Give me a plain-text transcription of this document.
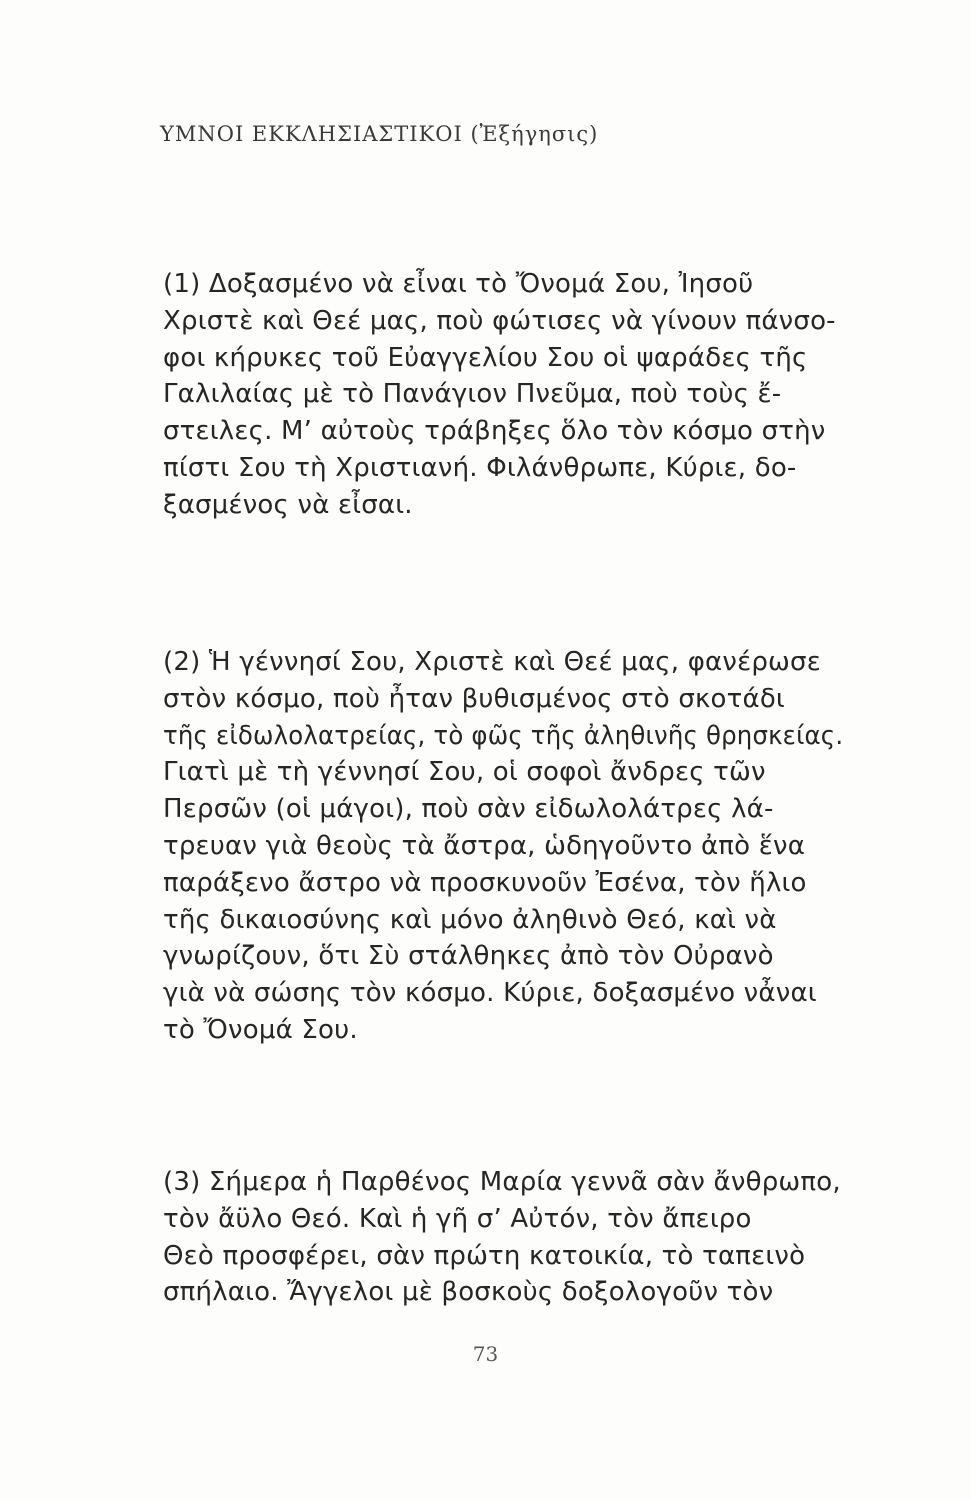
ΥΜΝΟΙ ΕΚΚΛΗΣΙΑΣΤΙΚΟΙ (Ἐξήγησις)
(1) Δοξασμένο νὰ εἶναι τὸ Ὄνομά Σου, Ἰησοῦ
Χριστὲ καὶ Θεέ μας, ποὺ φώτισες νὰ γίνουν πάνσο-
φοι κήρυκες τοῦ Εὐαγγελίου Σου οἱ ψαράδες τῆς
Γαλιλαίας μὲ τὸ Πανάγιον Πνεῦμα, ποὺ τοὺς ἔ-
στειλες. Μ’ αὐτοὺς τράβηξες ὅλο τὸν κόσμο στὴν
πίστι Σου τὴ Χριστιανή. Φιλάνθρωπε, Κύριε, δο-
ξασμένος νὰ εἶσαι.
(2) Ἡ γέννησί Σου, Χριστὲ καὶ Θεέ μας, φανέρωσε
στὸν κόσμο, ποὺ ἦταν βυθισμένος στὸ σκοτάδι
τῆς εἰδωλολατρείας, τὸ φῶς τῆς ἀληθινῆς θρησκείας.
Γιατὶ μὲ τὴ γέννησί Σου, οἱ σοφοὶ ἄνδρες τῶν
Περσῶν (οἱ μάγοι), ποὺ σὰν εἰδωλολάτρες λά-
τρευαν γιὰ θεοὺς τὰ ἄστρα, ὡδηγοῦντο ἀπὸ ἕνα
παράξενο ἄστρο νὰ προσκυνοῦν Ἐσένα, τὸν ἥλιο
τῆς δικαιοσύνης καὶ μόνο ἀληθινὸ Θεό, καὶ νὰ
γνωρίζουν, ὅτι Σὺ στάλθηκες ἀπὸ τὸν Οὐρανὸ
γιὰ νὰ σώσης τὸν κόσμο. Κύριε, δοξασμένο νἆναι
τὸ Ὄνομά Σου.
(3) Σήμερα ἡ Παρθένος Μαρία γεννᾶ σὰν ἄνθρωπο,
τὸν ἄϋλο Θεό. Καὶ ἡ γῆ σ’ Αὐτόν, τὸν ἄπειρο
Θεὸ προσφέρει, σὰν πρώτη κατοικία, τὸ ταπεινὸ
σπήλαιο. Ἄγγελοι μὲ βοσκοὺς δοξολογοῦν τὸν
73
